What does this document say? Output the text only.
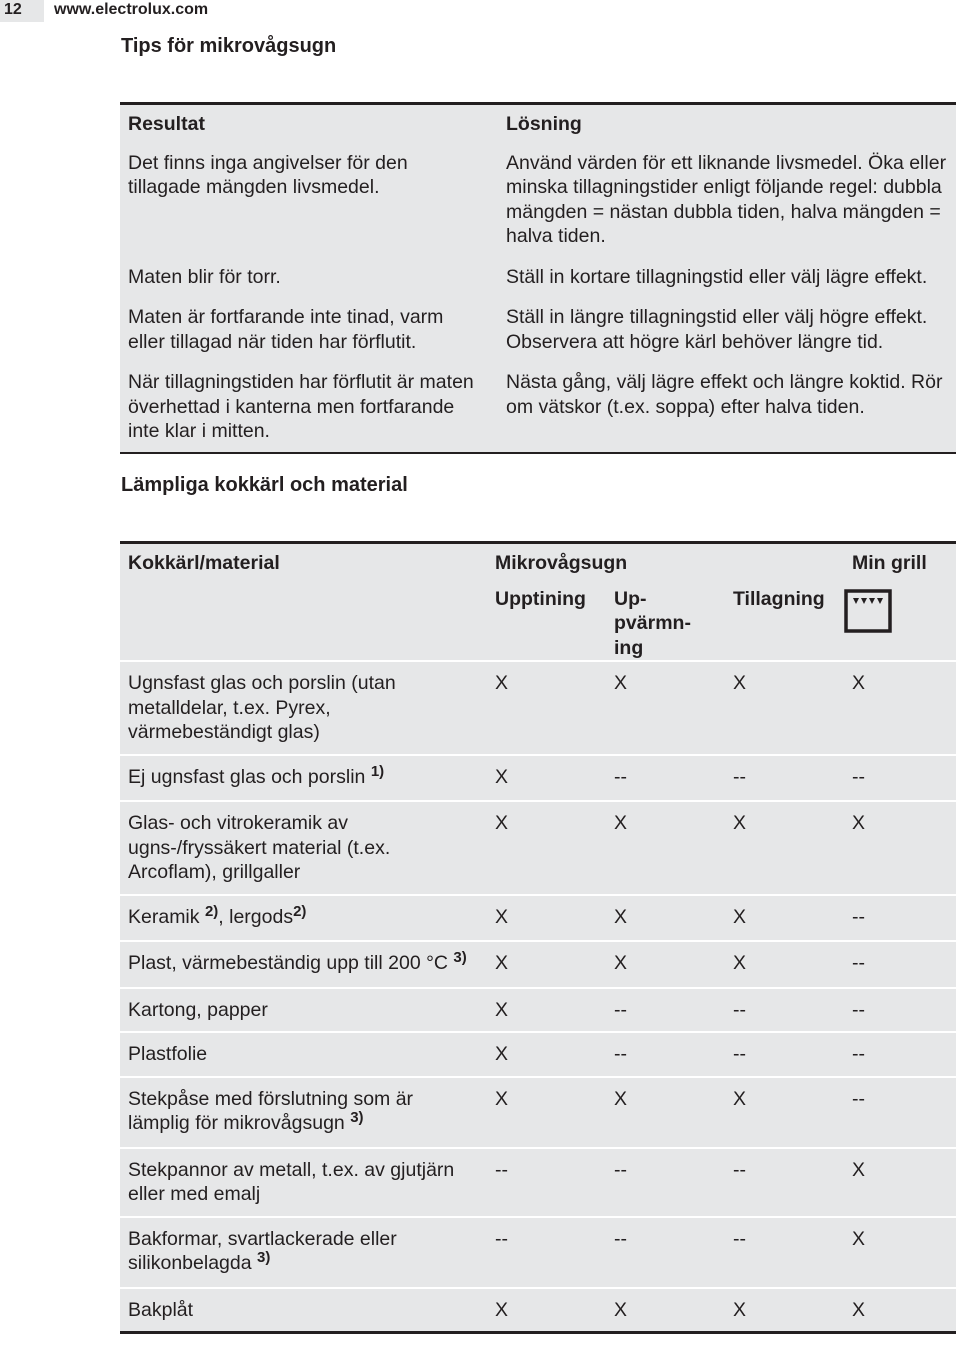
12	www.electrolux.com
Tips för mikrovågsugn
Resultat	Lösning
Det finns inga angivelser för den tillagade mängden livsmedel.	Använd värden för ett liknande livsmedel. Öka eller minska tillagningstider enligt följande regel: dubbla mängden = nästan dubbla tiden, halva mängden = halva tiden.
Maten blir för torr.	Ställ in kortare tillagningstid eller välj lägre effekt.
Maten är fortfarande inte tinad, varm eller tillagad när tiden har förflutit.	Ställ in längre tillagningstid eller välj högre effekt. Observera att högre kärl behöver längre tid.
När tillagningstiden har förflutit är maten överhettad i kanterna men fortfarande inte klar i mitten.	Nästa gång, välj lägre effekt och längre koktid. Rör om vätskor (t.ex. soppa) efter halva tiden.
Lämpliga kokkärl och material
Kokkärl/material	Mikrovågsugn			Min grill
	Upptining	Uppvärmning	Tillagning	
Ugnsfast glas och porslin (utan metalldelar, t.ex. Pyrex, värmebeständigt glas)	X	X	X	X
Ej ugnsfast glas och porslin $^{1)}$	X	--	--	--
Glas- och vitrokeramik av ugns-/fryssäkert material (t.ex. Arcoflam), grillgaller	X	X	X	X
Keramik $^{2)}$, lergods$^{2)}$	X	X	X	--
Plast, värmebeständig upp till 200 °C $^{3)}$	X	X	X	--
Kartong, papper	X	--	--	--
Plastfolie	X	--	--	--
Stekpåse med förslutning som är lämplig för mikrovågsugn $^{3)}$	X	X	X	--
Stekpannor av metall, t.ex. av gjutjärn eller med emalj	--	--	--	X
Bakformar, svartlackerade eller silikonbelagda $^{3)}$	--	--	--	X
Bakplåt	X	X	X	X
